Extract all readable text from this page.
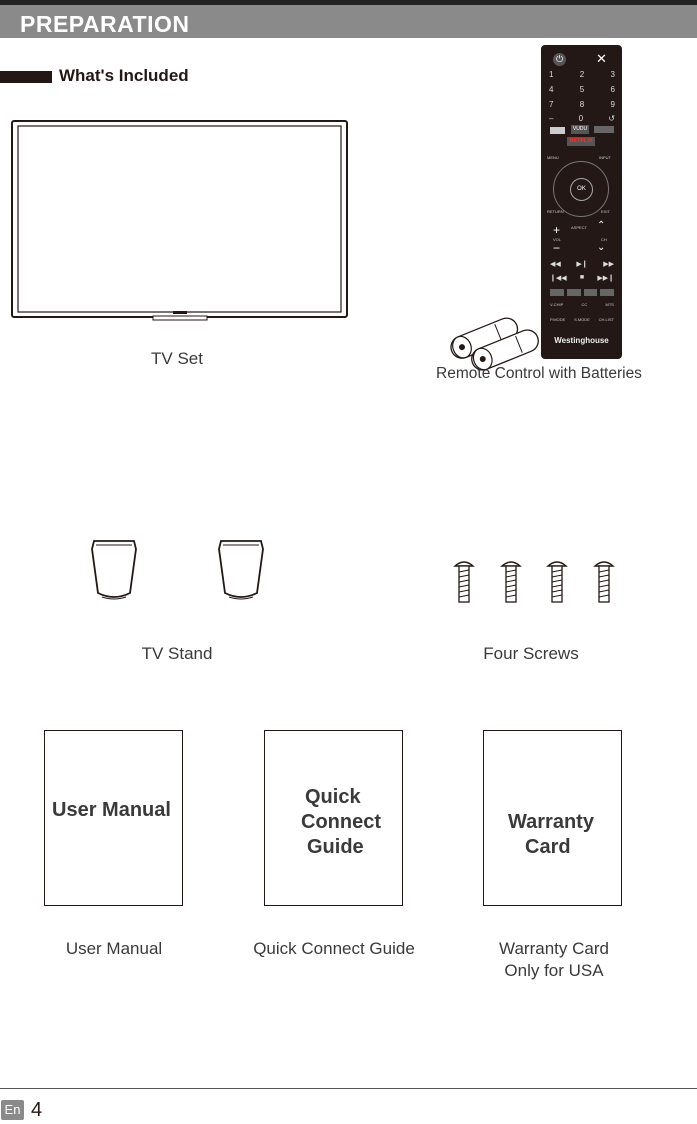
PREPARATION
What's Included
TV Set
⏻	✕
1	2	3
4	5	6
7	8	9
–	0	↺
VUDU
NETFLIX
MENU	INPUT
OK
RETURN	EXIT
+	ASPECT ⌃
VOL	CH
−	⌄
◀◀ ▶❙ ▶▶
❙◀◀ ■ ▶▶❙
V-CHIP	CC	MTS
P.MODE S.MODE CH.LIST
Westinghouse
Remote Control with Batteries
TV Stand	Four Screws
User Manual
Quick
Connect
Guide
Warranty
Card
User Manual	Quick Connect Guide	Warranty Card
Only for USA
En 4
